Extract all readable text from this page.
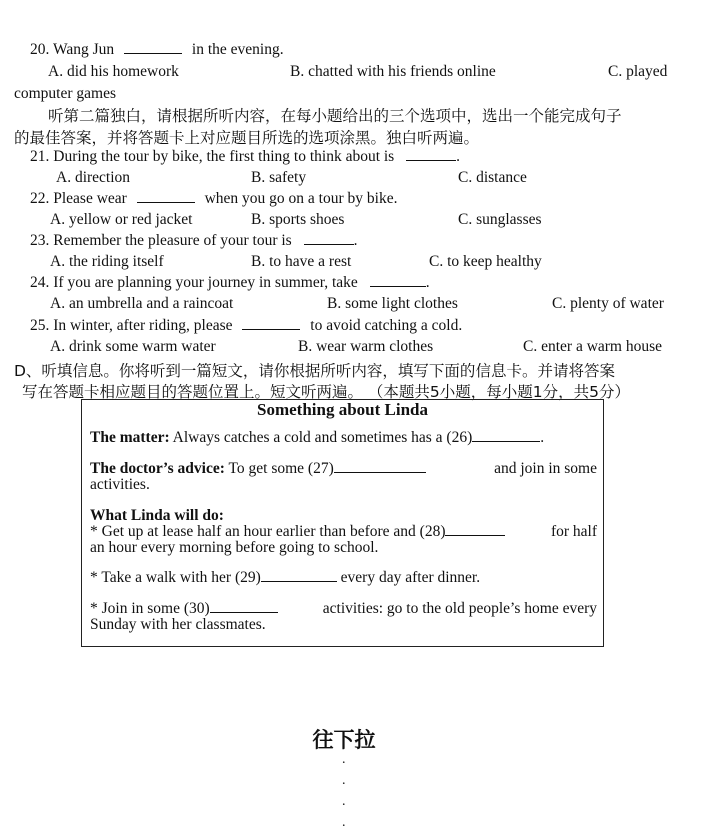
20. Wang Jun	in the evening.
A. did his homework	B. chatted with his friends online	C. played
computer games
听第二篇独白，请根据所听内容，在每小题给出的三个选项中，选出一个能完成句子
的最佳答案，并将答题卡上对应题目所选的选项涂黑。独白听两遍。
21. During the tour by bike, the first thing to think about is	.
A. direction	B. safety	C. distance
22. Please wear	when you go on a tour by bike.
A. yellow or red jacket	B. sports shoes	C. sunglasses
23. Remember the pleasure of your tour is	.
A. the riding itself	B. to have a rest	C. to keep healthy
24. If you are planning your journey in summer, take	.
A. an umbrella and a raincoat	B. some light clothes	C. plenty of water
25. In winter, after riding, please	to avoid catching a cold.
A. drink some warm water	B. wear warm clothes	C. enter a warm house
D、听填信息。你将听到一篇短文，请你根据所听内容，填写下面的信息卡。并请将答案
写在答题卡相应题目的答题位置上。短文听两遍。 （本题共5小题，每小题1分，共5分）
Something about Linda
The matter: Always catches a cold and sometimes has a (26)	.
The doctor’s advice: To get some (27)	and join in some
activities.
What Linda will do:
* Get up at lease half an hour earlier than before and (28)	for half
an hour every morning before going to school.
* Take a walk with her (29)	every day after dinner.
* Join in some (30)	activities: go to the old people’s home every
Sunday with her classmates.
往下拉
.
.
.
.
